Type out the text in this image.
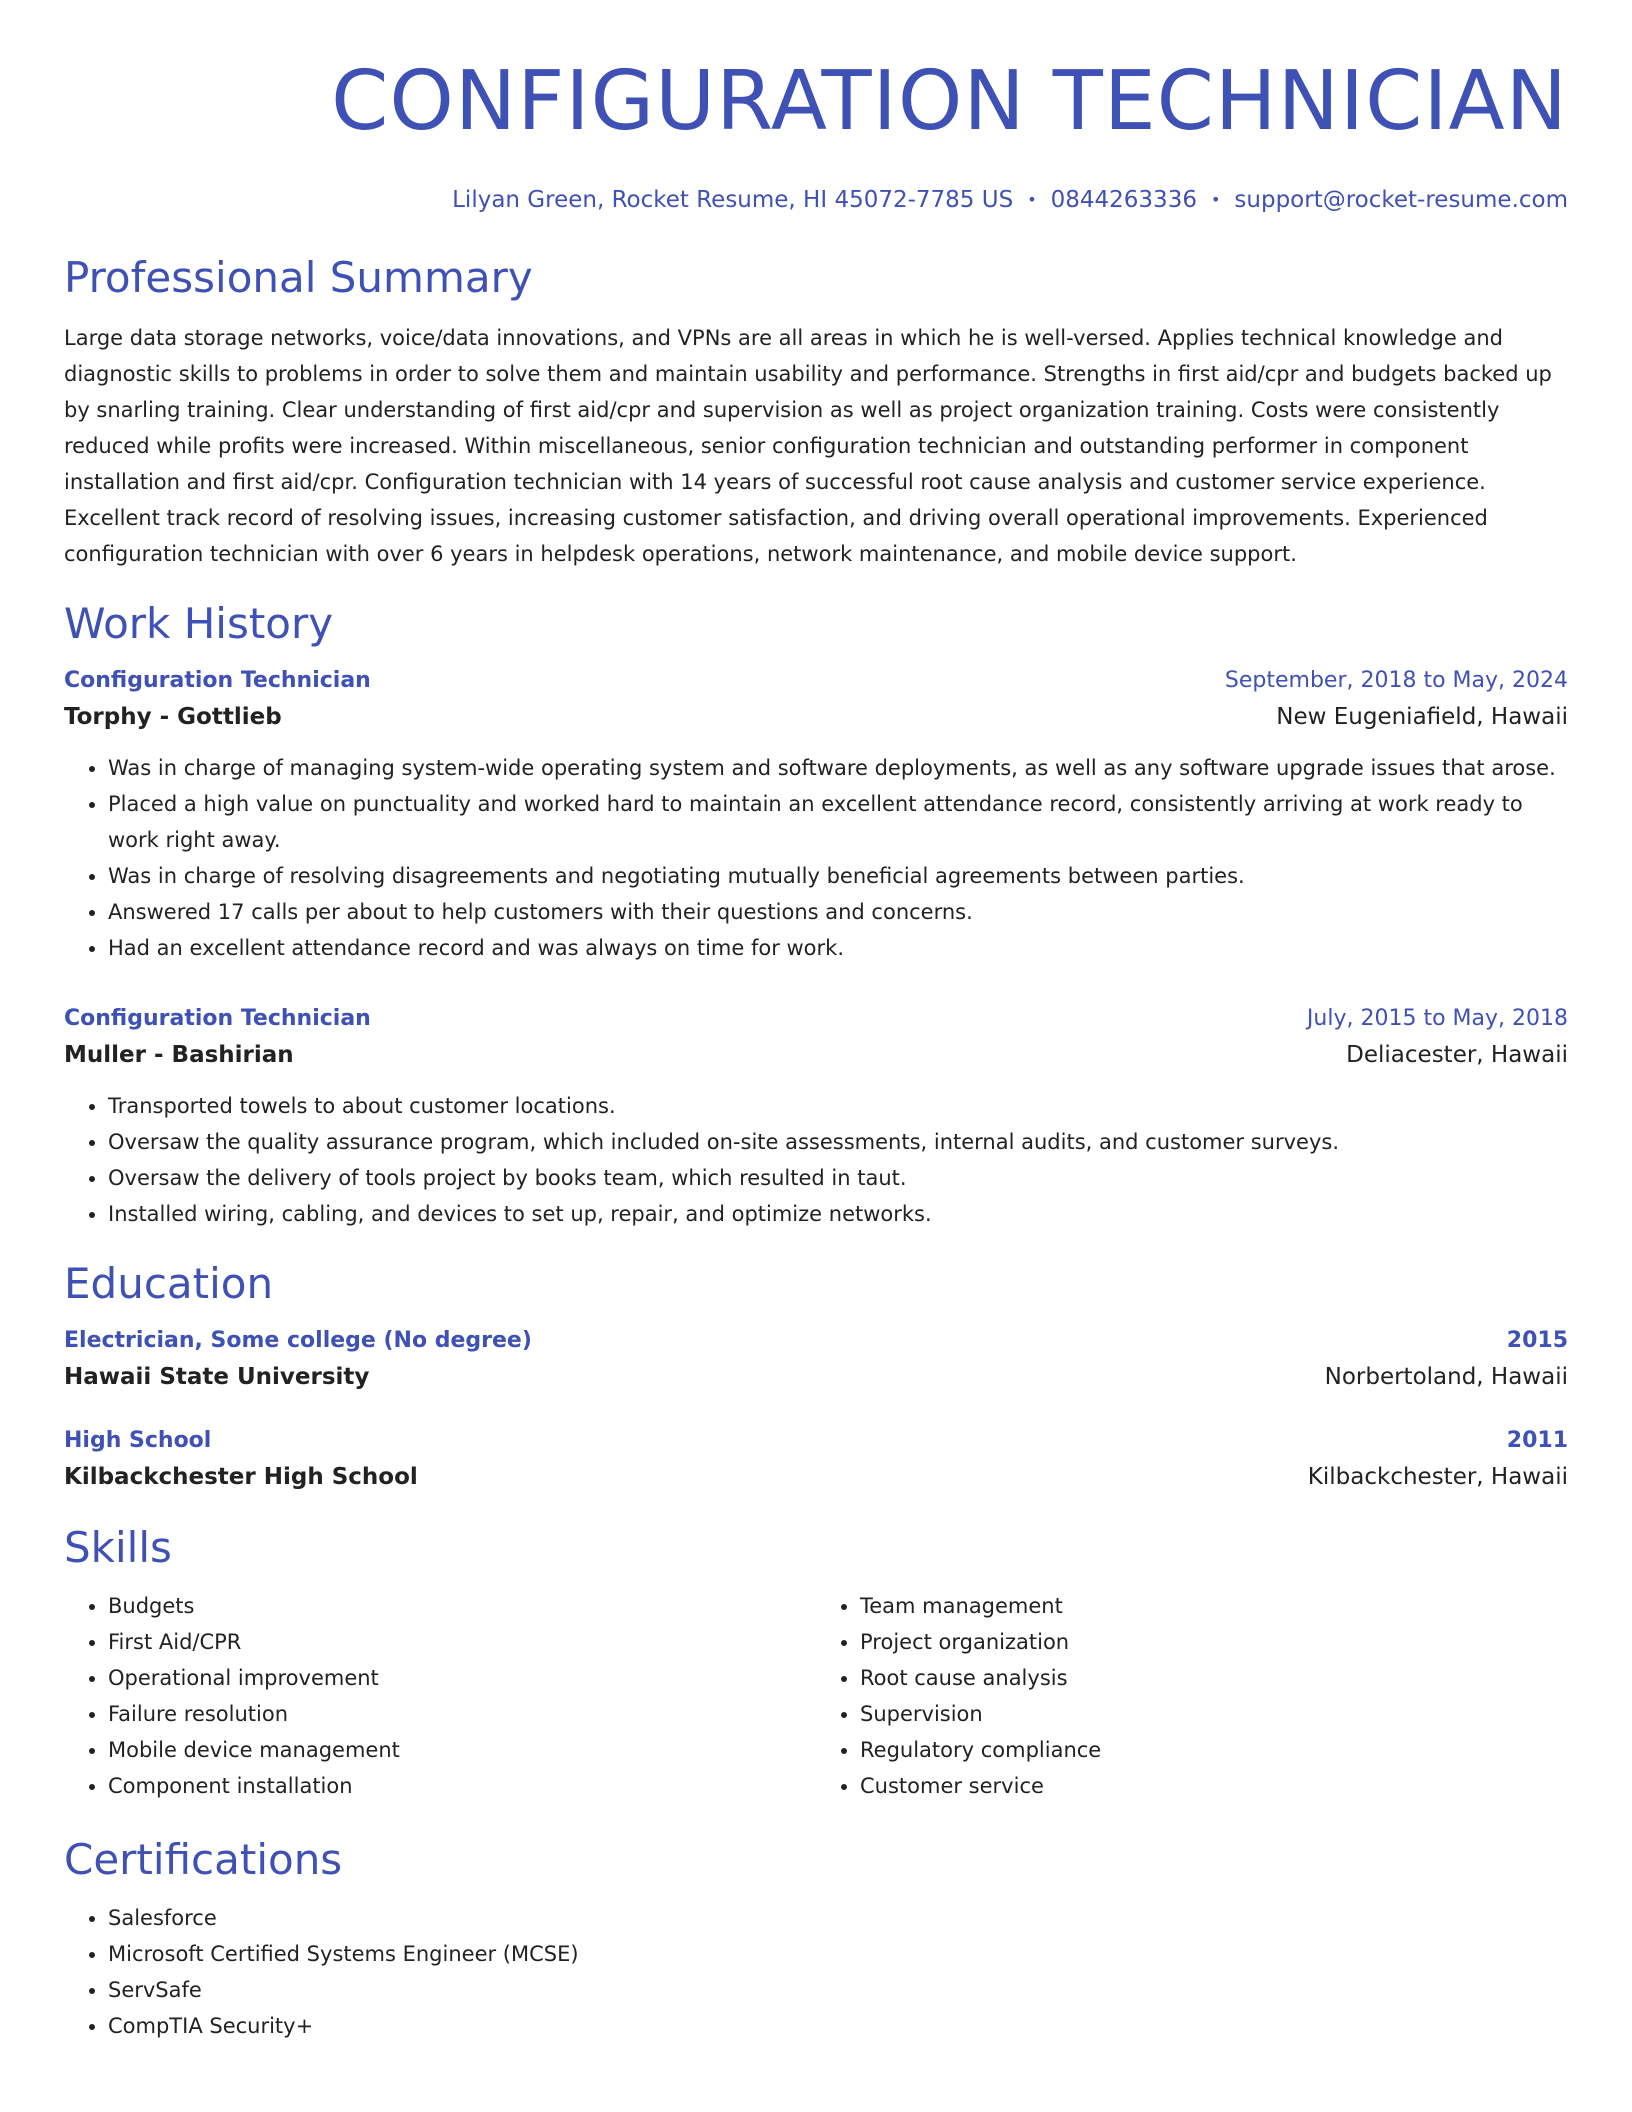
CONFIGURATION TECHNICIAN
Lilyan Green, Rocket Resume, HI 45072-7785 US • 0844263336 • support@rocket-resume.com
Professional Summary
Large data storage networks, voice/data innovations, and VPNs are all areas in which he is well-versed. Applies technical knowledge and diagnostic skills to problems in order to solve them and maintain usability and performance. Strengths in first aid/cpr and budgets backed up by snarling training. Clear understanding of first aid/cpr and supervision as well as project organization training. Costs were consistently reduced while profits were increased. Within miscellaneous, senior configuration technician and outstanding performer in component installation and first aid/cpr. Configuration technician with 14 years of successful root cause analysis and customer service experience. Excellent track record of resolving issues, increasing customer satisfaction, and driving overall operational improvements. Experienced configuration technician with over 6 years in helpdesk operations, network maintenance, and mobile device support.
Work History
Configuration Technician	September, 2018 to May, 2024
Torphy - Gottlieb	New Eugeniafield, Hawaii
• Was in charge of managing system-wide operating system and software deployments, as well as any software upgrade issues that arose.
• Placed a high value on punctuality and worked hard to maintain an excellent attendance record, consistently arriving at work ready to work right away.
• Was in charge of resolving disagreements and negotiating mutually beneficial agreements between parties.
• Answered 17 calls per about to help customers with their questions and concerns.
• Had an excellent attendance record and was always on time for work.
Configuration Technician	July, 2015 to May, 2018
Muller - Bashirian	Deliacester, Hawaii
• Transported towels to about customer locations.
• Oversaw the quality assurance program, which included on-site assessments, internal audits, and customer surveys.
• Oversaw the delivery of tools project by books team, which resulted in taut.
• Installed wiring, cabling, and devices to set up, repair, and optimize networks.
Education
Electrician, Some college (No degree)	2015
Hawaii State University	Norbertoland, Hawaii
High School	2011
Kilbackchester High School	Kilbackchester, Hawaii
Skills
• Budgets
• First Aid/CPR
• Operational improvement
• Failure resolution
• Mobile device management
• Component installation
• Team management
• Project organization
• Root cause analysis
• Supervision
• Regulatory compliance
• Customer service
Certifications
• Salesforce
• Microsoft Certified Systems Engineer (MCSE)
• ServSafe
• CompTIA Security+
